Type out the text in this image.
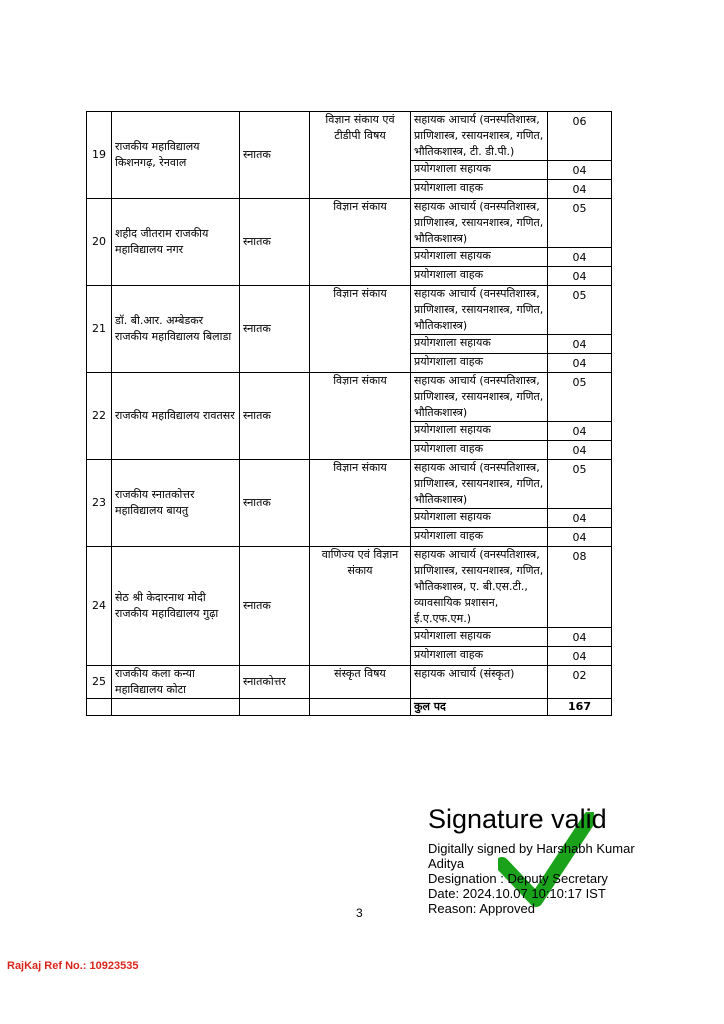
19	राजकीय महाविद्यालय किशनगढ़, रेनवाल	स्नातक	विज्ञान संकाय एवं टीडीपी विषय	सहायक आचार्य (वनस्पतिशास्त्र, प्राणिशास्त्र, रसायनशास्त्र, गणित, भौतिकशास्त्र, टी. डी.पी.)	06
				प्रयोगशाला सहायक	04
				प्रयोगशाला वाहक	04
20	शहीद जीतराम राजकीय महाविद्यालय नगर	स्नातक	विज्ञान संकाय	सहायक आचार्य (वनस्पतिशास्त्र, प्राणिशास्त्र, रसायनशास्त्र, गणित, भौतिकशास्त्र)	05
				प्रयोगशाला सहायक	04
				प्रयोगशाला वाहक	04
21	डॉ. बी.आर. अम्बेडकर राजकीय महाविद्यालय बिलाडा	स्नातक	विज्ञान संकाय	सहायक आचार्य (वनस्पतिशास्त्र, प्राणिशास्त्र, रसायनशास्त्र, गणित, भौतिकशास्त्र)	05
				प्रयोगशाला सहायक	04
				प्रयोगशाला वाहक	04
22	राजकीय महाविद्यालय रावतसर	स्नातक	विज्ञान संकाय	सहायक आचार्य (वनस्पतिशास्त्र, प्राणिशास्त्र, रसायनशास्त्र, गणित, भौतिकशास्त्र)	05
				प्रयोगशाला सहायक	04
				प्रयोगशाला वाहक	04
23	राजकीय स्नातकोत्तर महाविद्यालय बायतु	स्नातक	विज्ञान संकाय	सहायक आचार्य (वनस्पतिशास्त्र, प्राणिशास्त्र, रसायनशास्त्र, गणित, भौतिकशास्त्र)	05
				प्रयोगशाला सहायक	04
				प्रयोगशाला वाहक	04
24	सेठ श्री केदारनाथ मोदी राजकीय महाविद्यालय गुढ़ा	स्नातक	वाणिज्य एवं विज्ञान संकाय	सहायक आचार्य (वनस्पतिशास्त्र, प्राणिशास्त्र, रसायनशास्त्र, गणित, भौतिकशास्त्र, ए. बी.एस.टी., व्यावसायिक प्रशासन, ई.ए.एफ.एम.)	08
				प्रयोगशाला सहायक	04
				प्रयोगशाला वाहक	04
25	राजकीय कला कन्या महाविद्यालय कोटा	स्नातकोत्तर	संस्कृत विषय	सहायक आचार्य (संस्कृत)	02
				कुल पद	167
Signature valid
Digitally signed by Harshabh Kumar
Aditya
Designation : Deputy Secretary
Date: 2024.10.07 10:10:17 IST
Reason: Approved
3
RajKaj Ref No.: 10923535
